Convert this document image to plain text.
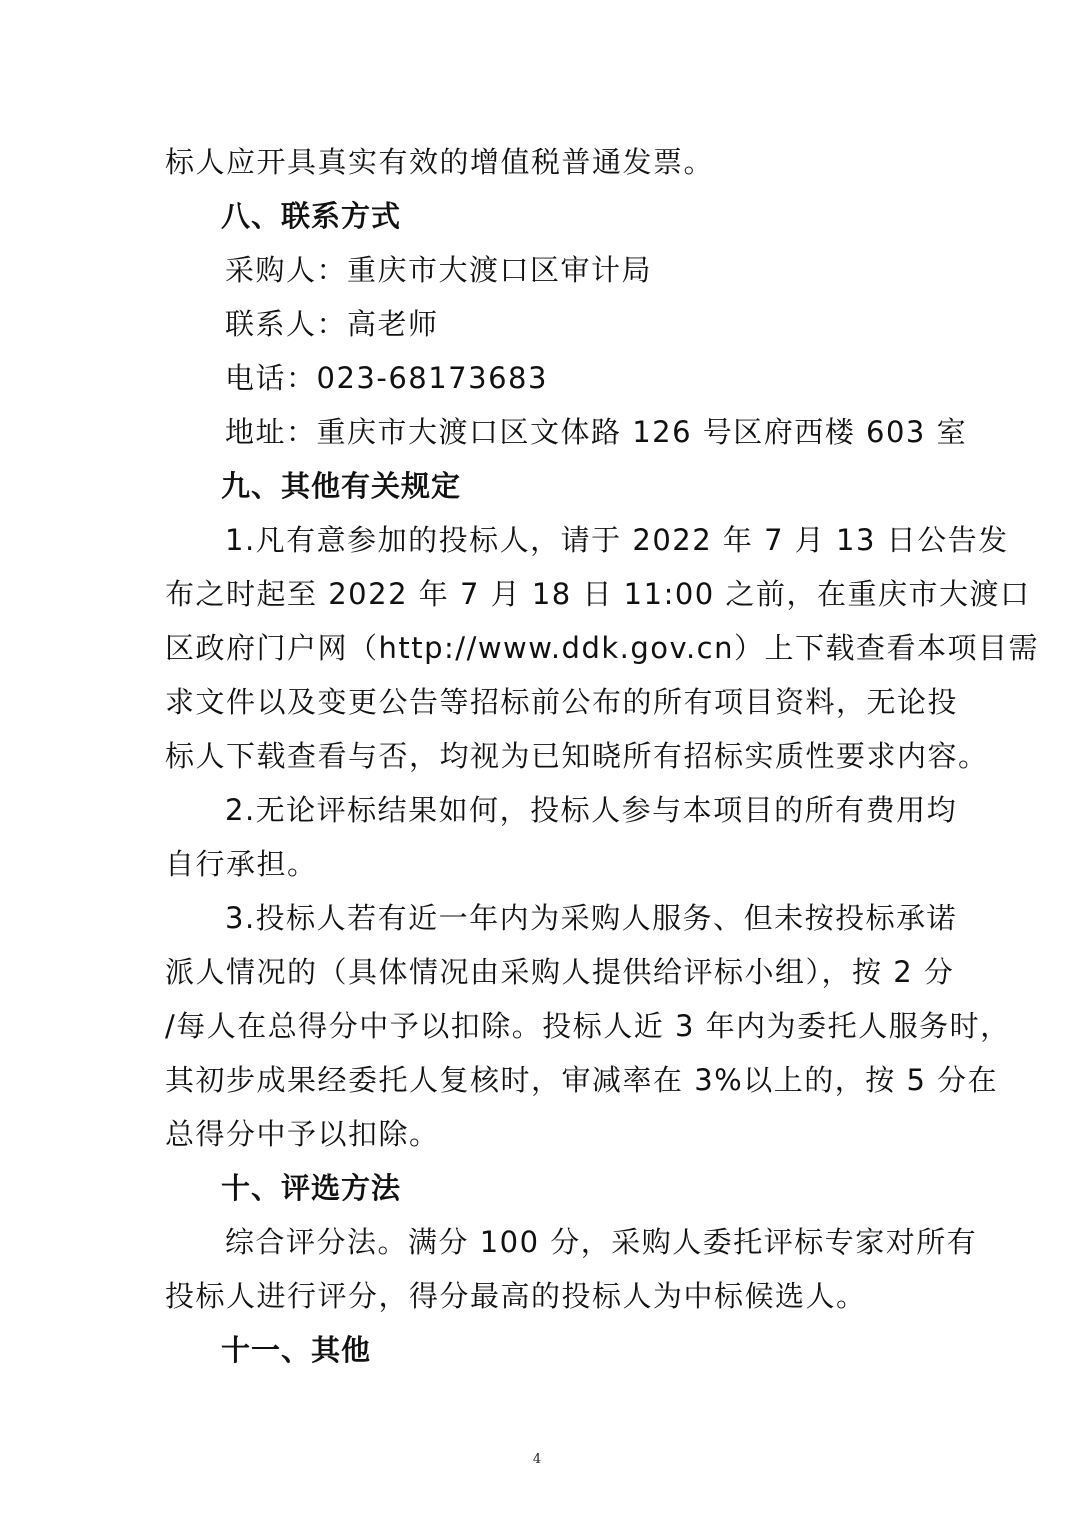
标人应开具真实有效的增值税普通发票。
八、联系方式
采购人：重庆市大渡口区审计局
联系人：高老师
电话：023-68173683
地址：重庆市大渡口区文体路 126 号区府西楼 603 室
九、其他有关规定
1.凡有意参加的投标人，请于 2022 年 7 月 13 日公告发
布之时起至 2022 年 7 月 18 日 11:00 之前，在重庆市大渡口
区政府门户网（http://www.ddk.gov.cn）上下载查看本项目需
求文件以及变更公告等招标前公布的所有项目资料，无论投
标人下载查看与否，均视为已知晓所有招标实质性要求内容。
2.无论评标结果如何，投标人参与本项目的所有费用均
自行承担。
3.投标人若有近一年内为采购人服务、但未按投标承诺
派人情况的（具体情况由采购人提供给评标小组），按 2 分
/每人在总得分中予以扣除。投标人近 3 年内为委托人服务时，
其初步成果经委托人复核时，审减率在 3%以上的，按 5 分在
总得分中予以扣除。
十、评选方法
综合评分法。满分 100 分，采购人委托评标专家对所有
投标人进行评分，得分最高的投标人为中标候选人。
十一、其他
4
